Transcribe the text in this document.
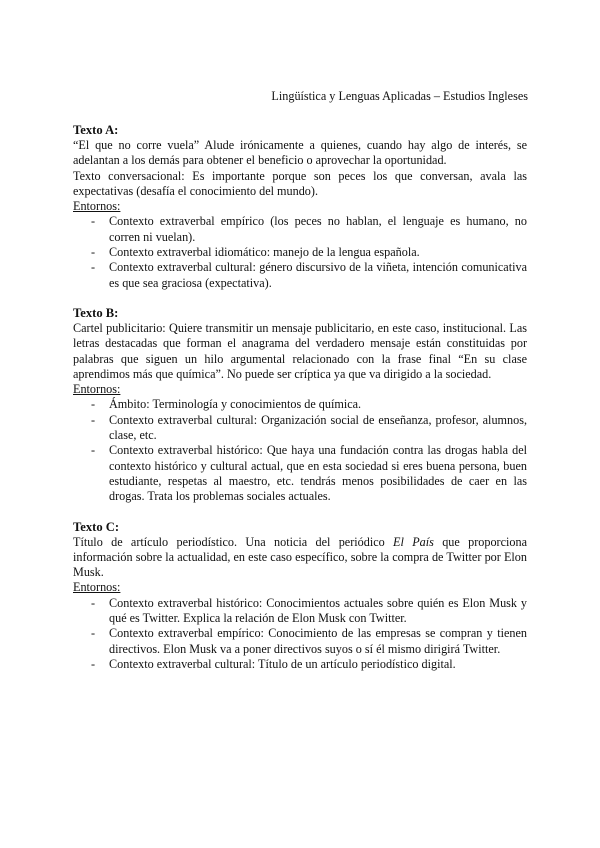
Lingüística y Lenguas Aplicadas – Estudios Ingleses
Texto A:

“El que no corre vuela” Alude irónicamente a quienes, cuando hay algo de interés, se adelantan a los demás para obtener el beneficio o aprovechar la oportunidad.

Texto conversacional: Es importante porque son peces los que conversan, avala las expectativas (desafía el conocimiento del mundo).

Entornos:
- Contexto extraverbal empírico (los peces no hablan, el lenguaje es humano, no corren ni vuelan).
- Contexto extraverbal idiomático: manejo de la lengua española.
- Contexto extraverbal cultural: género discursivo de la viñeta, intención comunicativa es que sea graciosa (expectativa).
Texto B:

Cartel publicitario: Quiere transmitir un mensaje publicitario, en este caso, institucional. Las letras destacadas que forman el anagrama del verdadero mensaje están constituidas por palabras que siguen un hilo argumental relacionado con la frase final “En su clase aprendimos más que química”. No puede ser críptica ya que va dirigido a la sociedad.

Entornos:
- Ámbito: Terminología y conocimientos de química.
- Contexto extraverbal cultural: Organización social de enseñanza, profesor, alumnos, clase, etc.
- Contexto extraverbal histórico: Que haya una fundación contra las drogas habla del contexto histórico y cultural actual, que en esta sociedad si eres buena persona, buen estudiante, respetas al maestro, etc. tendrás menos posibilidades de caer en las drogas. Trata los problemas sociales actuales.
Texto C:

Título de artículo periodístico. Una noticia del periódico El País que proporciona información sobre la actualidad, en este caso específico, sobre la compra de Twitter por Elon Musk.

Entornos:
- Contexto extraverbal histórico: Conocimientos actuales sobre quién es Elon Musk y qué es Twitter. Explica la relación de Elon Musk con Twitter.
- Contexto extraverbal empírico: Conocimiento de las empresas se compran y tienen directivos. Elon Musk va a poner directivos suyos o sí él mismo dirigirá Twitter.
- Contexto extraverbal cultural: Título de un artículo periodístico digital.
